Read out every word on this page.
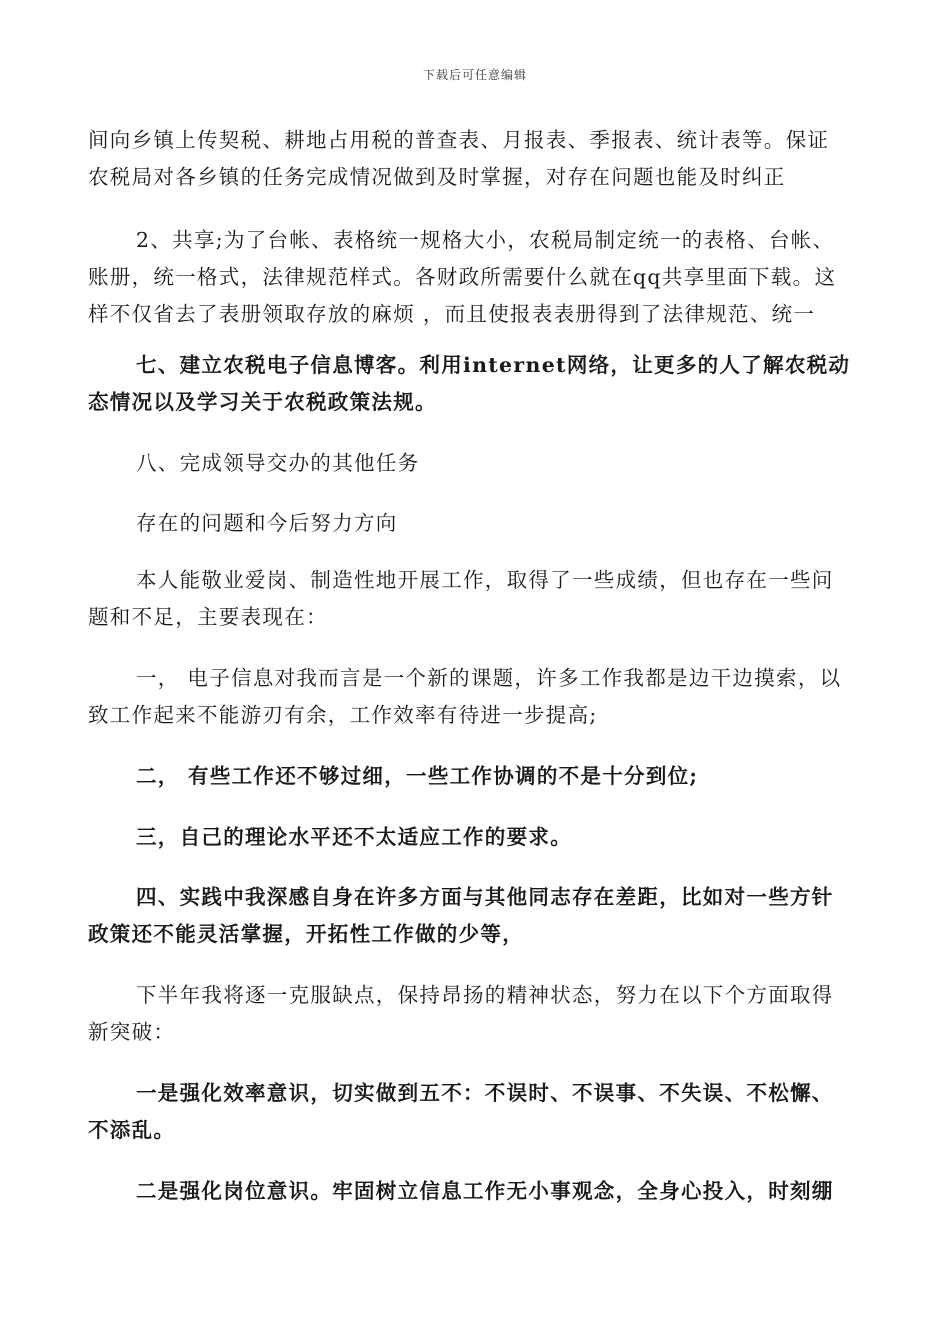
下载后可任意编辑

间向乡镇上传契税、耕地占用税的普查表、月报表、季报表、统计表等。保证
农税局对各乡镇的任务完成情况做到及时掌握，对存在问题也能及时纠正

2、共享;为了台帐、表格统一规格大小，农税局制定统一的表格、台帐、
账册，统一格式，法律规范样式。各财政所需要什么就在qq共享里面下载。这
样不仅省去了表册领取存放的麻烦 ，而且使报表表册得到了法律规范、统一

七、建立农税电子信息博客。利用internet网络，让更多的人了解农税动
态情况以及学习关于农税政策法规。

八、完成领导交办的其他任务

存在的问题和今后努力方向

本人能敬业爱岗、制造性地开展工作，取得了一些成绩，但也存在一些问
题和不足，主要表现在：

一， 电子信息对我而言是一个新的课题，许多工作我都是边干边摸索，以
致工作起来不能游刃有余，工作效率有待进一步提高;

二， 有些工作还不够过细，一些工作协调的不是十分到位;

三，自己的理论水平还不太适应工作的要求。

四、实践中我深感自身在许多方面与其他同志存在差距，比如对一些方针
政策还不能灵活掌握，开拓性工作做的少等，

下半年我将逐一克服缺点，保持昂扬的精神状态，努力在以下个方面取得
新突破：

一是强化效率意识，切实做到五不：不误时、不误事、不失误、不松懈、
不添乱。

二是强化岗位意识。牢固树立信息工作无小事观念，全身心投入，时刻绷
